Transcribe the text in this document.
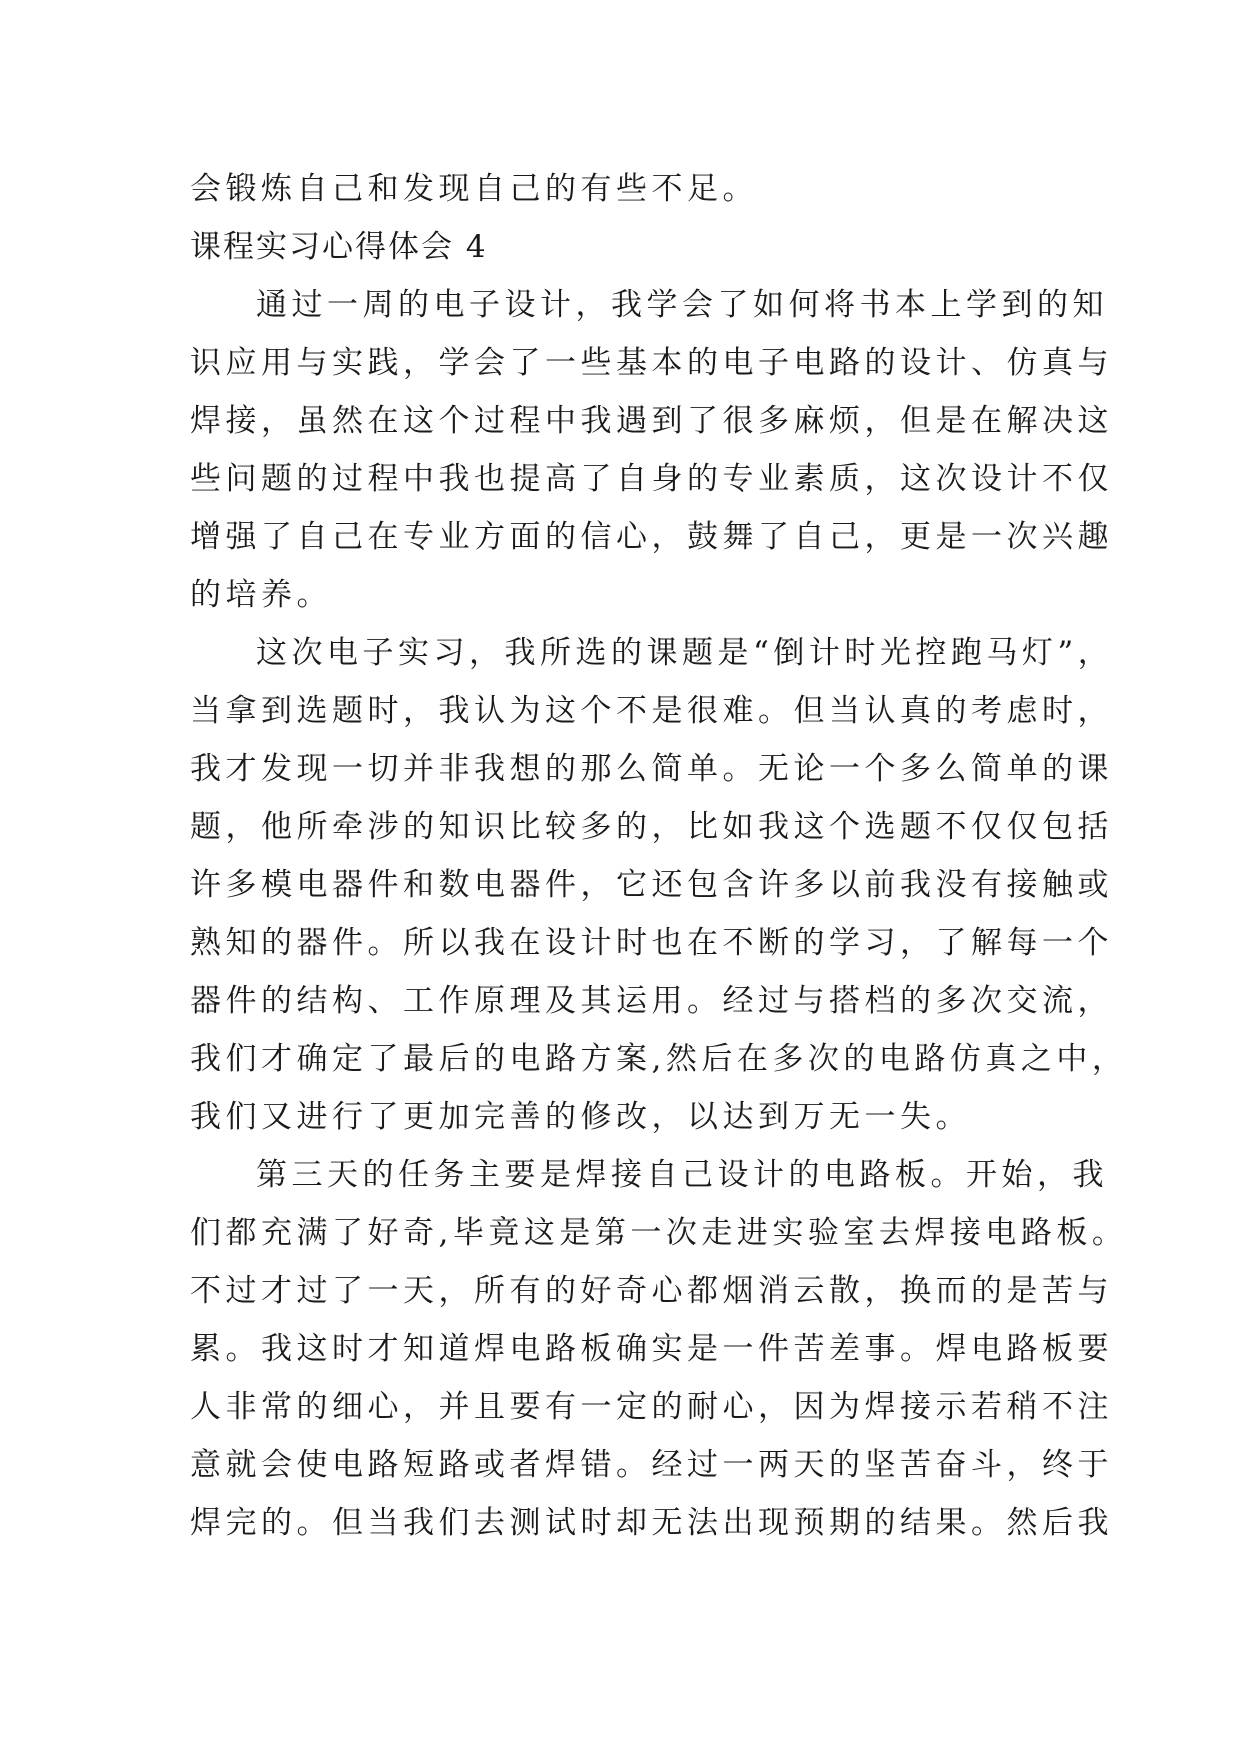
会锻炼自己和发现自己的有些不足。
课程实习心得体会 4
通过一周的电子设计，我学会了如何将书本上学到的知
识应用与实践，学会了一些基本的电子电路的设计、仿真与
焊接，虽然在这个过程中我遇到了很多麻烦，但是在解决这
些问题的过程中我也提高了自身的专业素质，这次设计不仅
增强了自己在专业方面的信心，鼓舞了自己，更是一次兴趣
的培养。
这次电子实习，我所选的课题是“倒计时光控跑马灯”，
当拿到选题时，我认为这个不是很难。但当认真的考虑时，
我才发现一切并非我想的那么简单。无论一个多么简单的课
题，他所牵涉的知识比较多的，比如我这个选题不仅仅包括
许多模电器件和数电器件，它还包含许多以前我没有接触或
熟知的器件。所以我在设计时也在不断的学习，了解每一个
器件的结构、工作原理及其运用。经过与搭档的多次交流，
我们才确定了最后的电路方案,然后在多次的电路仿真之中，
我们又进行了更加完善的修改，以达到万无一失。
第三天的任务主要是焊接自己设计的电路板。开始，我
们都充满了好奇,毕竟这是第一次走进实验室去焊接电路板。
不过才过了一天，所有的好奇心都烟消云散，换而的是苦与
累。我这时才知道焊电路板确实是一件苦差事。焊电路板要
人非常的细心，并且要有一定的耐心，因为焊接示若稍不注
意就会使电路短路或者焊错。经过一两天的坚苦奋斗，终于
焊完的。但当我们去测试时却无法出现预期的结果。然后我
